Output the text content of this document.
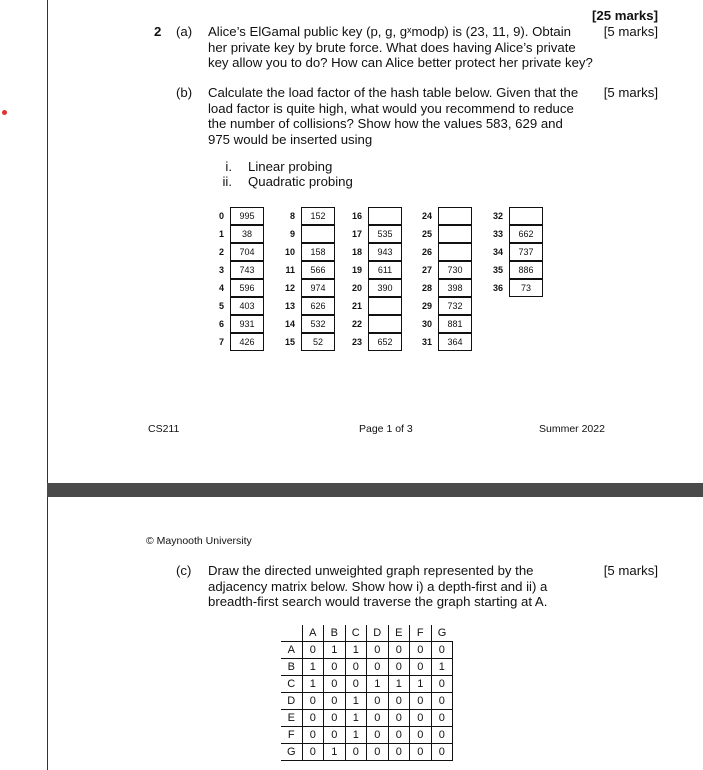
[25 marks]
2 (a) Alice’s ElGamal public key (p, g, gˣmodp) is (23, 11, 9). Obtain
her private key by brute force. What does having Alice’s private
key allow you to do? How can Alice better protect her private key?
[5 marks]
(b) Calculate the load factor of the hash table below. Given that the
load factor is quite high, what would you recommend to reduce
the number of collisions? Show how the values 583, 629 and
975 would be inserted using
[5 marks]
i. Linear probing
ii. Quadratic probing
0	995
1	38
2	704
3	743
4	596
5	403
6	931
7	426
8	152
9
10	158
11	566
12	974
13	626
14	532
15	52
16
17	535
18	943
19	611
20	390
21
22
23	652
24
25
26
27	730
28	398
29	732
30	881
31	364
32
33	662
34	737
35	886
36	73
CS211	Page 1 of 3	Summer 2022
© Maynooth University
(c) Draw the directed unweighted graph represented by the
adjacency matrix below. Show how i) a depth-first and ii) a
breadth-first search would traverse the graph starting at A.
[5 marks]
	A	B	C	D	E	F	G
A	0	1	1	0	0	0	0
B	1	0	0	0	0	0	1
C	1	0	0	1	1	1	0
D	0	0	1	0	0	0	0
E	0	0	1	0	0	0	0
F	0	0	1	0	0	0	0
G	0	1	0	0	0	0	0
